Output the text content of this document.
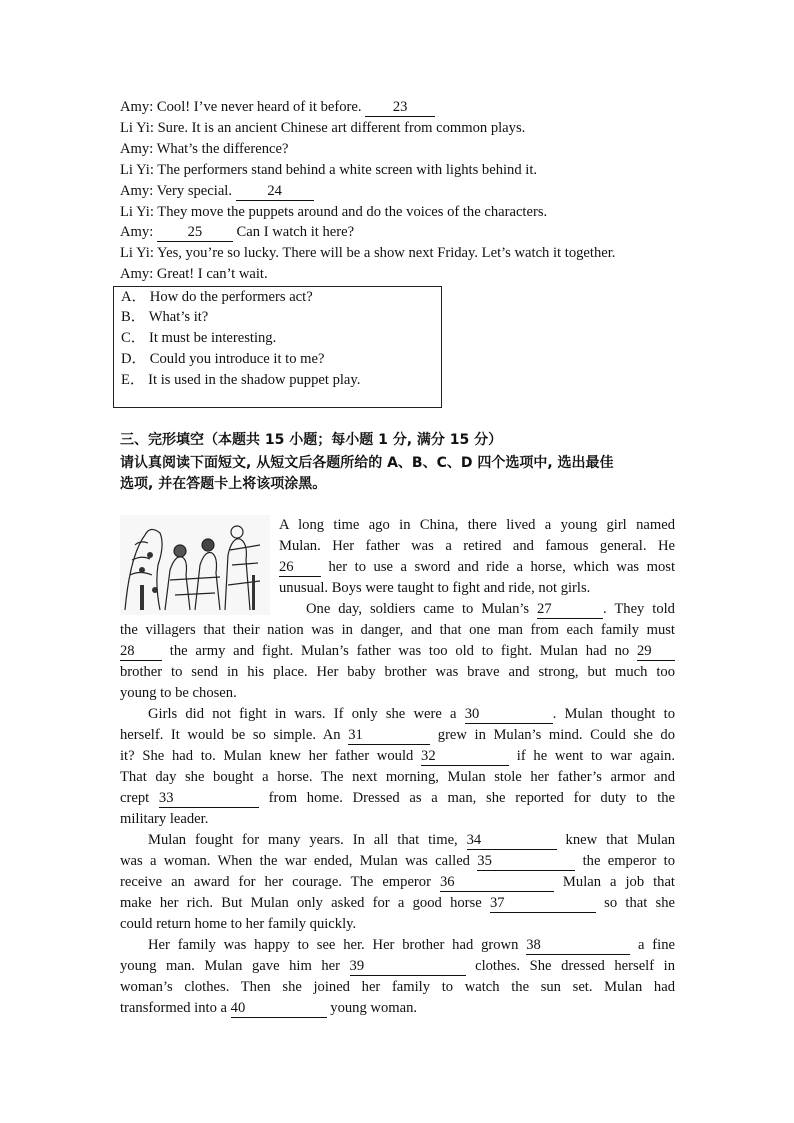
Amy: Cool! I’ve never heard of it before. 23
Li Yi: Sure. It is an ancient Chinese art different from common plays.
Amy: What’s the difference?
Li Yi: The performers stand behind a white screen with lights behind it.
Amy: Very special. 24
Li Yi: They move the puppets around and do the voices of the characters.
Amy: 25 Can I watch it here?
Li Yi: Yes, you’re so lucky. There will be a show next Friday. Let’s watch it together.
Amy: Great! I can’t wait.
A． How do the performers act?
B． What’s it?
C． It must be interesting.
D． Could you introduce it to me?
E． It is used in the shadow puppet play.
三、完形填空（本题共 15 小题；每小题 1 分, 满分 15 分）
请认真阅读下面短文, 从短文后各题所给的 A、B、C、D 四个选项中, 选出最佳
选项, 并在答题卡上将该项涂黑。
A long time ago in China, there lived a young girl named
Mulan. Her father was a retired and famous general. He
26 her to use a sword and ride a horse, which was most
unusual. Boys were taught to fight and ride, not girls.
One day, soldiers came to Mulan’s 27	. They told
the villagers that their nation was in danger, and that one man from each family must
28 the army and fight. Mulan’s father was too old to fight. Mulan had no 29
brother to send in his place. Her baby brother was brave and strong, but much too
young to be chosen.
Girls did not fight in wars. If only she were a 30	. Mulan thought to
herself. It would be so simple. An 31	grew in Mulan’s mind. Could she do
it? She had to. Mulan knew her father would 32	if he went to war again.
That day she bought a horse. The next morning, Mulan stole her father’s armor and
crept 33	from home. Dressed as a man, she reported for duty to the
military leader.
Mulan fought for many years. In all that time, 34	knew that Mulan
was a woman. When the war ended, Mulan was called 35	the emperor to
receive an award for her courage. The emperor 36	Mulan a job that
make her rich. But Mulan only asked for a good horse 37	so that she
could return home to her family quickly.
Her family was happy to see her. Her brother had grown 38	a fine
young man. Mulan gave him her 39	clothes. She dressed herself in
woman’s clothes. Then she joined her family to watch the sun set. Mulan had
transformed into a 40	young woman.
